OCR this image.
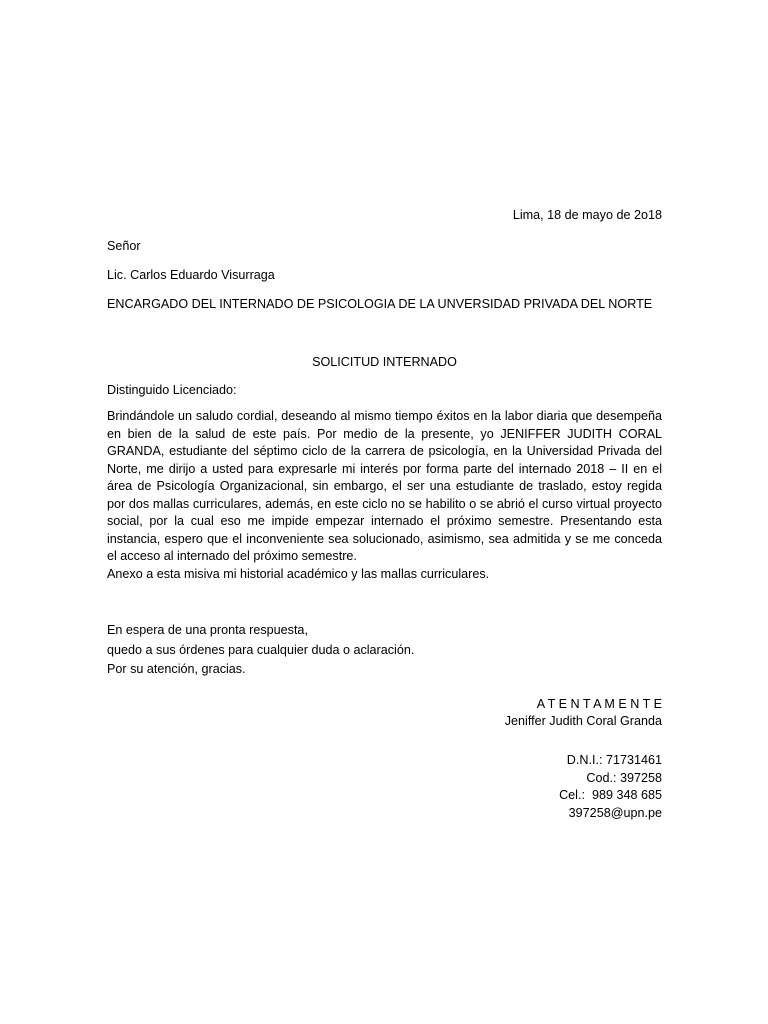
Lima, 18 de mayo de 2o18
Señor
Lic. Carlos Eduardo Visurraga
ENCARGADO DEL INTERNADO DE PSICOLOGIA DE LA UNVERSIDAD PRIVADA DEL NORTE
SOLICITUD INTERNADO
Distinguido Licenciado:

Brindándole un saludo cordial, deseando al mismo tiempo éxitos en la labor diaria que desempeña en bien de la salud de este país. Por medio de la presente, yo JENIFFER JUDITH CORAL GRANDA, estudiante del séptimo ciclo de la carrera de psicología, en la Universidad Privada del Norte, me dirijo a usted para expresarle mi interés por forma parte del internado 2018 – II en el área de Psicología Organizacional, sin embargo, el ser una estudiante de traslado, estoy regida por dos mallas curriculares, además, en este ciclo no se habilito o se abrió el curso virtual proyecto social, por la cual eso me impide empezar internado el próximo semestre. Presentando esta instancia, espero que el inconveniente sea solucionado, asimismo, sea admitida y se me conceda el acceso al internado del próximo semestre.

Anexo a esta misiva mi historial académico y las mallas curriculares.

En espera de una pronta respuesta,
quedo a sus órdenes para cualquier duda o aclaración.
Por su atención, gracias.
A T E N T A M E N T E
Jeniffer Judith Coral Granda
D.N.I.: 71731461
Cod.: 397258
Cel.:  989 348 685
397258@upn.pe
